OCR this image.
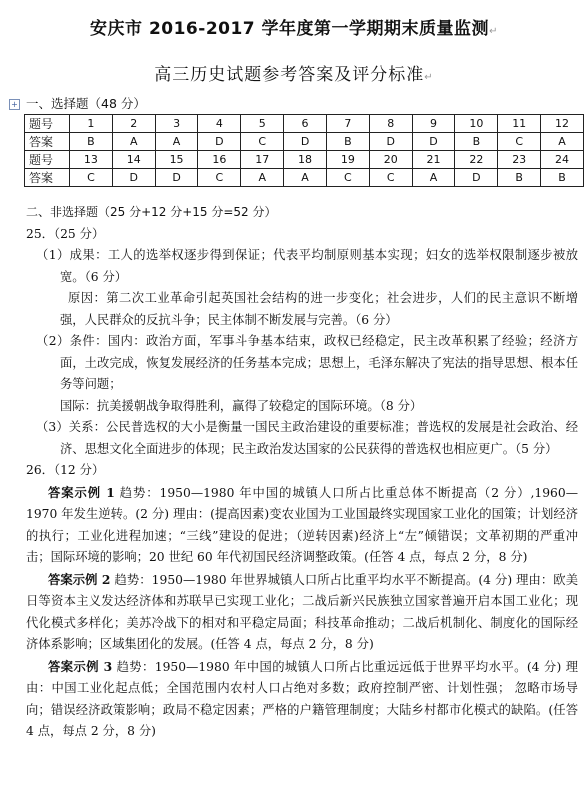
安庆市 2016-2017 学年度第一学期期末质量监测↵
高三历史试题参考答案及评分标准↵
+ 一、选择题（48 分）
题号	1	2	3	4	5	6	7	8	9	10	11	12
答案	B	A	A	D	C	D	B	D	D	B	C	A
题号	13	14	15	16	17	18	19	20	21	22	23	24
答案	C	D	D	C	A	A	C	C	A	D	B	B

二、非选择题（25 分+12 分+15 分=52 分）

25．（25 分）

（1）成果：工人的选举权逐步得到保证；代表平均制原则基本实现；妇女的选举权限制逐步被放宽。（6 分）

原因：第二次工业革命引起英国社会结构的进一步变化；社会进步，人们的民主意识不断增强，人民群众的反抗斗争；民主体制不断发展与完善。（6 分）

（2）条件：国内：政治方面，军事斗争基本结束，政权已经稳定，民主改革积累了经验；经济方面，土改完成，恢复发展经济的任务基本完成；思想上，毛泽东解决了宪法的指导思想、根本任务等问题；

国际：抗美援朝战争取得胜利，赢得了较稳定的国际环境。（8 分）

（3）关系：公民普选权的大小是衡量一国民主政治建设的重要标准；普选权的发展是社会政治、经济、思想文化全面进步的体现；民主政治发达国家的公民获得的普选权也相应更广。（5 分）

26．（12 分）

答案示例 1 趋势：1950—1980 年中国的城镇人口所占比重总体不断提高（2 分）,1960—1970 年发生逆转。(2 分) 理由：(提高因素)变农业国为工业国最终实现国家工业化的国策；计划经济的执行；工业化进程加速；“三线”建设的促进；（逆转因素)经济上“左”倾错误；文革初期的严重冲击；国际环境的影响；20 世纪 60 年代初国民经济调整政策。(任答 4 点，每点 2 分，8 分)

答案示例 2 趋势：1950—1980 年世界城镇人口所占比重平均水平不断提高。(4 分) 理由：欧美日等资本主义发达经济体和苏联早已实现工业化；二战后新兴民族独立国家普遍开启本国工业化；现代化模式多样化；美苏冷战下的相对和平稳定局面；科技革命推动；二战后机制化、制度化的国际经济体系影响；区域集团化的发展。(任答 4 点，每点 2 分，8 分)

答案示例 3 趋势：1950—1980 年中国的城镇人口所占比重远远低于世界平均水平。(4 分) 理由：中国工业化起点低；全国范围内农村人口占绝对多数；政府控制严密、计划性强； 忽略市场导向；错误经济政策影响；政局不稳定因素；严格的户籍管理制度；大陆乡村都市化模式的缺陷。(任答 4 点，每点 2 分，8 分)
